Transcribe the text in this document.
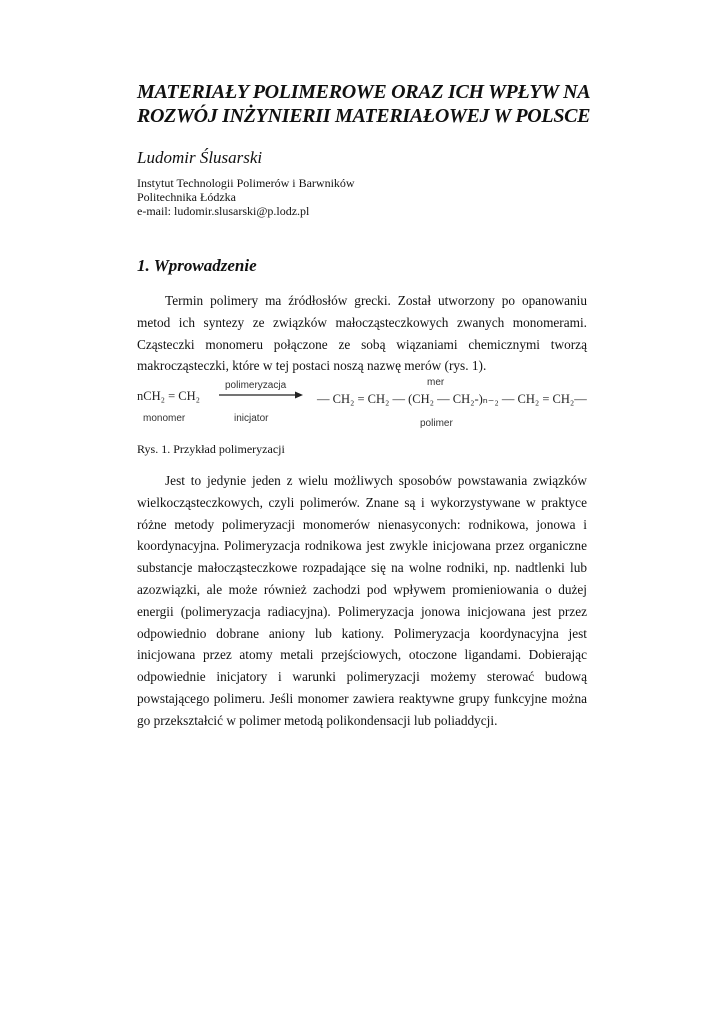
MATERIAŁY POLIMEROWE ORAZ ICH WPŁYW NA ROZWÓJ INŻYNIERII MATERIAŁOWEJ W POLSCE

Ludomir Ślusarski

Instytut Technologii Polimerów i Barwników
Politechnika Łódzka
e-mail: ludomir.slusarski@p.lodz.pl
1. Wprowadzenie

Termin polimery ma źródłosłów grecki. Został utworzony po opanowaniu metod ich syntezy ze związków małocząsteczkowych zwanych monomerami. Cząsteczki monomeru połączone ze sobą wiązaniami chemicznymi tworzą makrocząsteczki, które w tej postaci noszą nazwę merów (rys. 1).

nCH₂ = CH₂
monomer
polimeryzacja
inicjator
mer
— CH₂ = CH₂ — (CH₂ — CH₂-)ₙ₋₂ — CH₂ = CH₂—
polimer
Rys. 1. Przykład polimeryzacji

Jest to jedynie jeden z wielu możliwych sposobów powstawania związków wielkocząsteczkowych, czyli polimerów. Znane są i wykorzystywane w praktyce różne metody polimeryzacji monomerów nienasyconych: rodnikowa, jonowa i koordynacyjna. Polimeryzacja rodnikowa jest zwykle inicjowana przez organiczne substancje małocząsteczkowe rozpadające się na wolne rodniki, np. nadtlenki lub azozwiązki, ale może również zachodzi pod wpływem promieniowania o dużej energii (polimeryzacja radiacyjna). Polimeryzacja jonowa inicjowana jest przez odpowiednio dobrane aniony lub kationy. Polimeryzacja koordynacyjna jest inicjowana przez atomy metali przejściowych, otoczone ligandami. Dobierając odpowiednie inicjatory i warunki polimeryzacji możemy sterować budową powstającego polimeru. Jeśli monomer zawiera reaktywne grupy funkcyjne można go przekształcić w polimer metodą polikondensacji lub poliaddycji.
